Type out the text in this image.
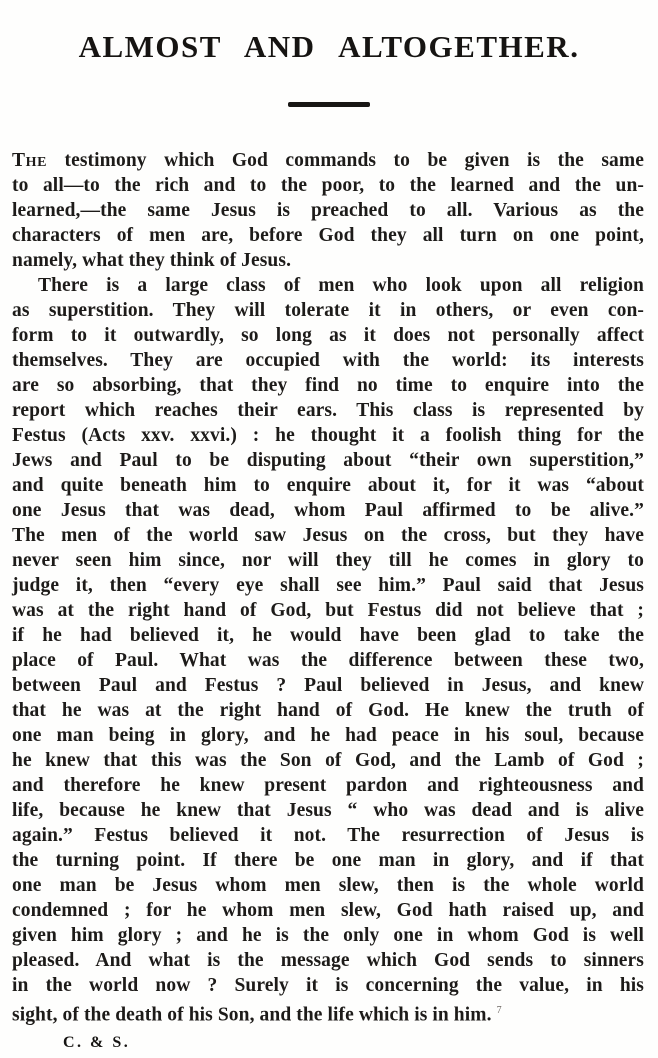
ALMOST AND ALTOGETHER.
The testimony which God commands to be given is the same
to all—to the rich and to the poor, to the learned and the un-
learned,—the same Jesus is preached to all. Various as the
characters of men are, before God they all turn on one point,
namely, what they think of Jesus.
There is a large class of men who look upon all religion
as superstition. They will tolerate it in others, or even con-
form to it outwardly, so long as it does not personally affect
themselves. They are occupied with the world: its interests
are so absorbing, that they find no time to enquire into the
report which reaches their ears. This class is represented by
Festus (Acts xxv. xxvi.) : he thought it a foolish thing for the
Jews and Paul to be disputing about “their own superstition,”
and quite beneath him to enquire about it, for it was “about
one Jesus that was dead, whom Paul affirmed to be alive.”
The men of the world saw Jesus on the cross, but they have
never seen him since, nor will they till he comes in glory to
judge it, then “every eye shall see him.” Paul said that Jesus
was at the right hand of God, but Festus did not believe that ;
if he had believed it, he would have been glad to take the
place of Paul. What was the difference between these two,
between Paul and Festus ? Paul believed in Jesus, and knew
that he was at the right hand of God. He knew the truth of
one man being in glory, and he had peace in his soul, because
he knew that this was the Son of God, and the Lamb of God ;
and therefore he knew present pardon and righteousness and
life, because he knew that Jesus “ who was dead and is alive
again.” Festus believed it not. The resurrection of Jesus is
the turning point. If there be one man in glory, and if that
one man be Jesus whom men slew, then is the whole world
condemned ; for he whom men slew, God hath raised up, and
given him glory ; and he is the only one in whom God is well
pleased. And what is the message which God sends to sinners
in the world now ? Surely it is concerning the value, in his
sight, of the death of his Son, and the life which is in him. $^7$
C. & S.
